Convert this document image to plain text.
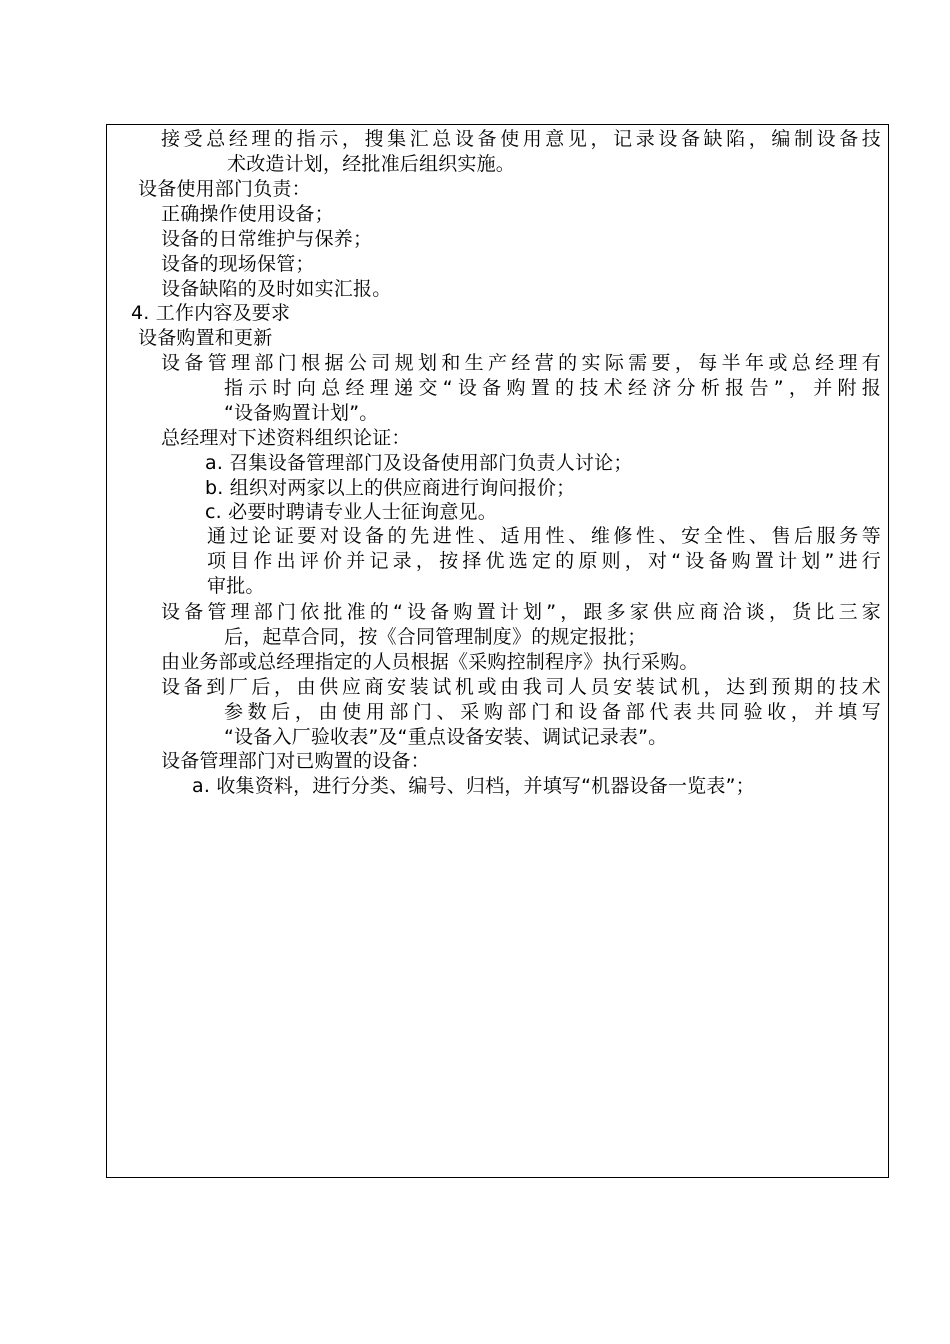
接受总经理的指示，搜集汇总设备使用意见，记录设备缺陷，编制设备技
术改造计划，经批准后组织实施。
设备使用部门负责：
正确操作使用设备；
设备的日常维护与保养；
设备的现场保管；
设备缺陷的及时如实汇报。
4. 工作内容及要求
设备购置和更新
设备管理部门根据公司规划和生产经营的实际需要，每半年或总经理有
指示时向总经理递交“设备购置的技术经济分析报告”，并附报
“设备购置计划”。
总经理对下述资料组织论证：
a. 召集设备管理部门及设备使用部门负责人讨论；
b. 组织对两家以上的供应商进行询问报价；
c. 必要时聘请专业人士征询意见。
通过论证要对设备的先进性、适用性、维修性、安全性、售后服务等
项目作出评价并记录，按择优选定的原则，对“设备购置计划”进行
审批。
设备管理部门依批准的“设备购置计划”，跟多家供应商洽谈，货比三家
后，起草合同，按《合同管理制度》的规定报批；
由业务部或总经理指定的人员根据《采购控制程序》执行采购。
设备到厂后，由供应商安装试机或由我司人员安装试机，达到预期的技术
参数后，由使用部门、采购部门和设备部代表共同验收，并填写
“设备入厂验收表”及“重点设备安装、调试记录表”。
设备管理部门对已购置的设备：
a. 收集资料，进行分类、编号、归档，并填写“机器设备一览表”；
